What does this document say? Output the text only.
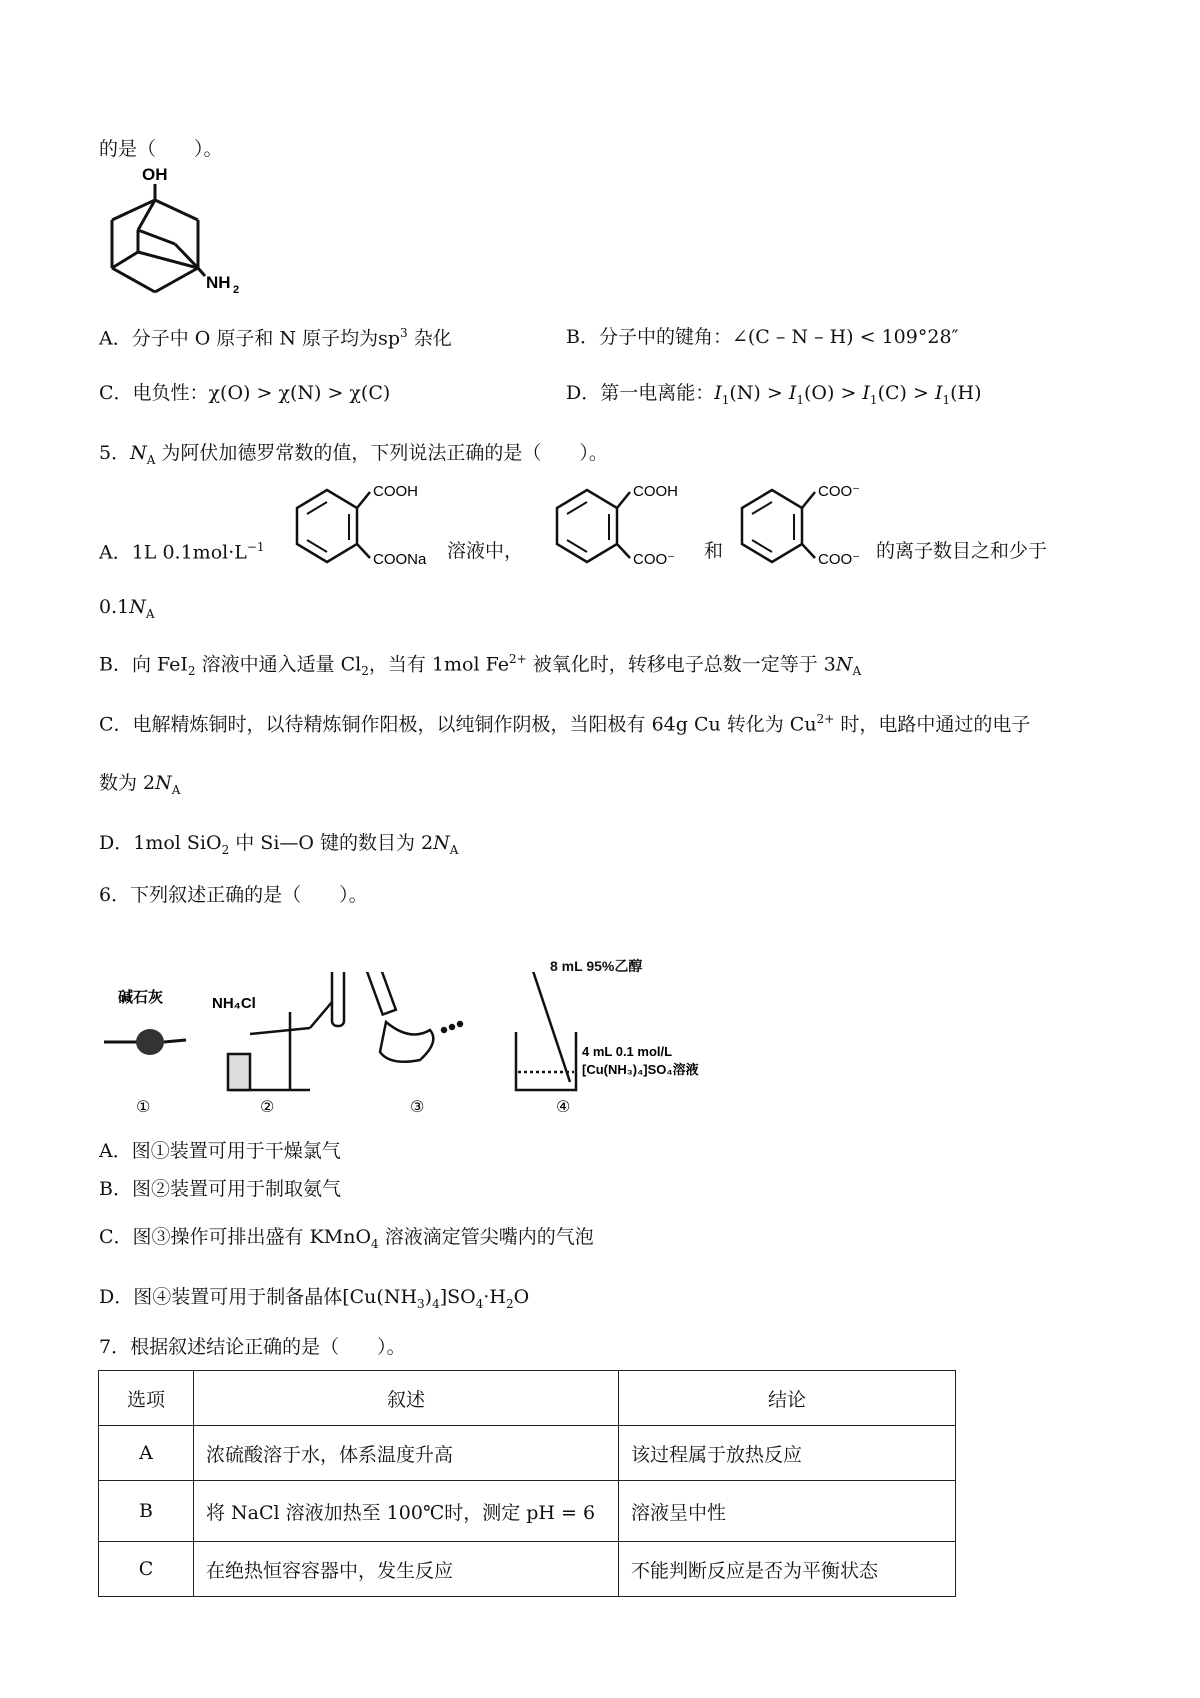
的是（　　）。
OH
NH 2
A．分子中 O 原子和 N 原子均为$sp^3$ 杂化	B．分子中的键角：∠(C – N – H) < 109°28″
C．电负性：χ(O) > χ(N) > χ(C)	D．第一电离能：$I_1(N) > I_1(O) > I_1(C) > I_1(H)$
5．$N_A$ 为阿伏加德罗常数的值，下列说法正确的是（　　）。
A．1L $0.1mol\cdot L^{-1}$
COOH
COONa 溶液中，
COOH
COO⁻ 和
COO⁻
COO⁻ 的离子数目之和少于
$0.1N_A$
B．向 FeI$_2$ 溶液中通入适量 $Cl_2$，当有 1mol $Fe^{2+}$ 被氧化时，转移电子总数一定等于 $3N_A$
C．电解精炼铜时，以待精炼铜作阳极，以纯铜作阴极，当阳极有 64g Cu 转化为 $Cu^{2+}$ 时，电路中通过的电子
数为 $2N_A$
D．1mol SiO$_2$ 中 Si—O 键的数目为 $2N_A$
6．下列叙述正确的是（　　）。
碱石灰
①
NH₄Cl
②	③
4 mL 0.1 mol/L
[Cu(NH₃)₄]SO₄溶液
④
8 mL 95%乙醇
A．图①装置可用于干燥氯气
B．图②装置可用于制取氨气
C．图③操作可排出盛有 KMnO$_4$ 溶液滴定管尖嘴内的气泡
D．图④装置可用于制备晶体$[Cu(NH_3)_4]SO_4\cdot H_2O$
7．根据叙述结论正确的是（　　）。
选项	叙述	结论
A	浓硫酸溶于水，体系温度升高	该过程属于放热反应
B	将 NaCl 溶液加热至 100℃时，测定 pH = 6	溶液呈中性
C	在绝热恒容容器中，发生反应	不能判断反应是否为平衡状态
